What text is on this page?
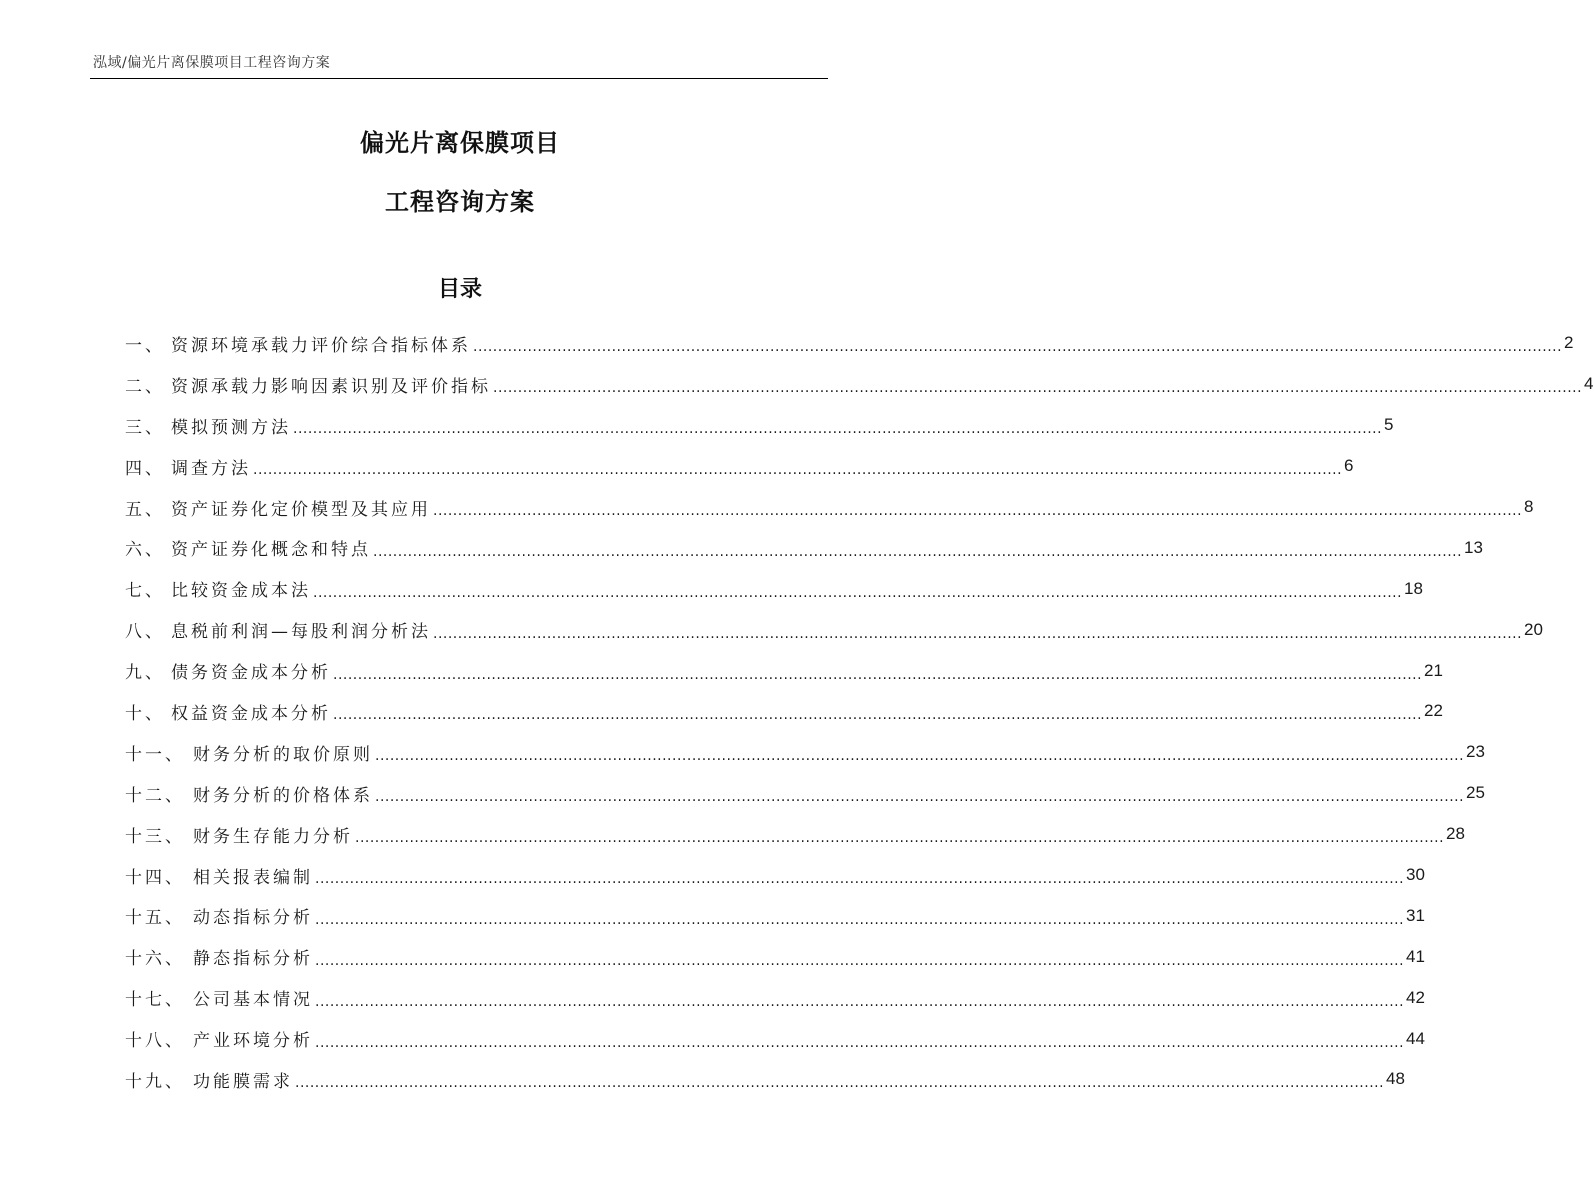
泓域/偏光片离保膜项目工程咨询方案
偏光片离保膜项目
工程咨询方案
目录
一、 资源环境承载力评价综合指标体系 ............................................................................................................................................................................................................................ 2
二、 资源承载力影响因素识别及评价指标 ............................................................................................................................................................................................................................ 4
三、 模拟预测方法 ............................................................................................................................................................................................................................ 5
四、 调查方法 ............................................................................................................................................................................................................................ 6
五、 资产证券化定价模型及其应用 ............................................................................................................................................................................................................................ 8
六、 资产证券化概念和特点 ............................................................................................................................................................................................................................ 13
七、 比较资金成本法 ............................................................................................................................................................................................................................ 18
八、 息税前利润—每股利润分析法 ............................................................................................................................................................................................................................ 20
九、 债务资金成本分析 ............................................................................................................................................................................................................................ 21
十、 权益资金成本分析 ............................................................................................................................................................................................................................ 22
十一、 财务分析的取价原则 ............................................................................................................................................................................................................................ 23
十二、 财务分析的价格体系 ............................................................................................................................................................................................................................ 25
十三、 财务生存能力分析 ............................................................................................................................................................................................................................ 28
十四、 相关报表编制 ............................................................................................................................................................................................................................ 30
十五、 动态指标分析 ............................................................................................................................................................................................................................ 31
十六、 静态指标分析 ............................................................................................................................................................................................................................ 41
十七、 公司基本情况 ............................................................................................................................................................................................................................ 42
十八、 产业环境分析 ............................................................................................................................................................................................................................ 44
十九、 功能膜需求 ............................................................................................................................................................................................................................ 48
